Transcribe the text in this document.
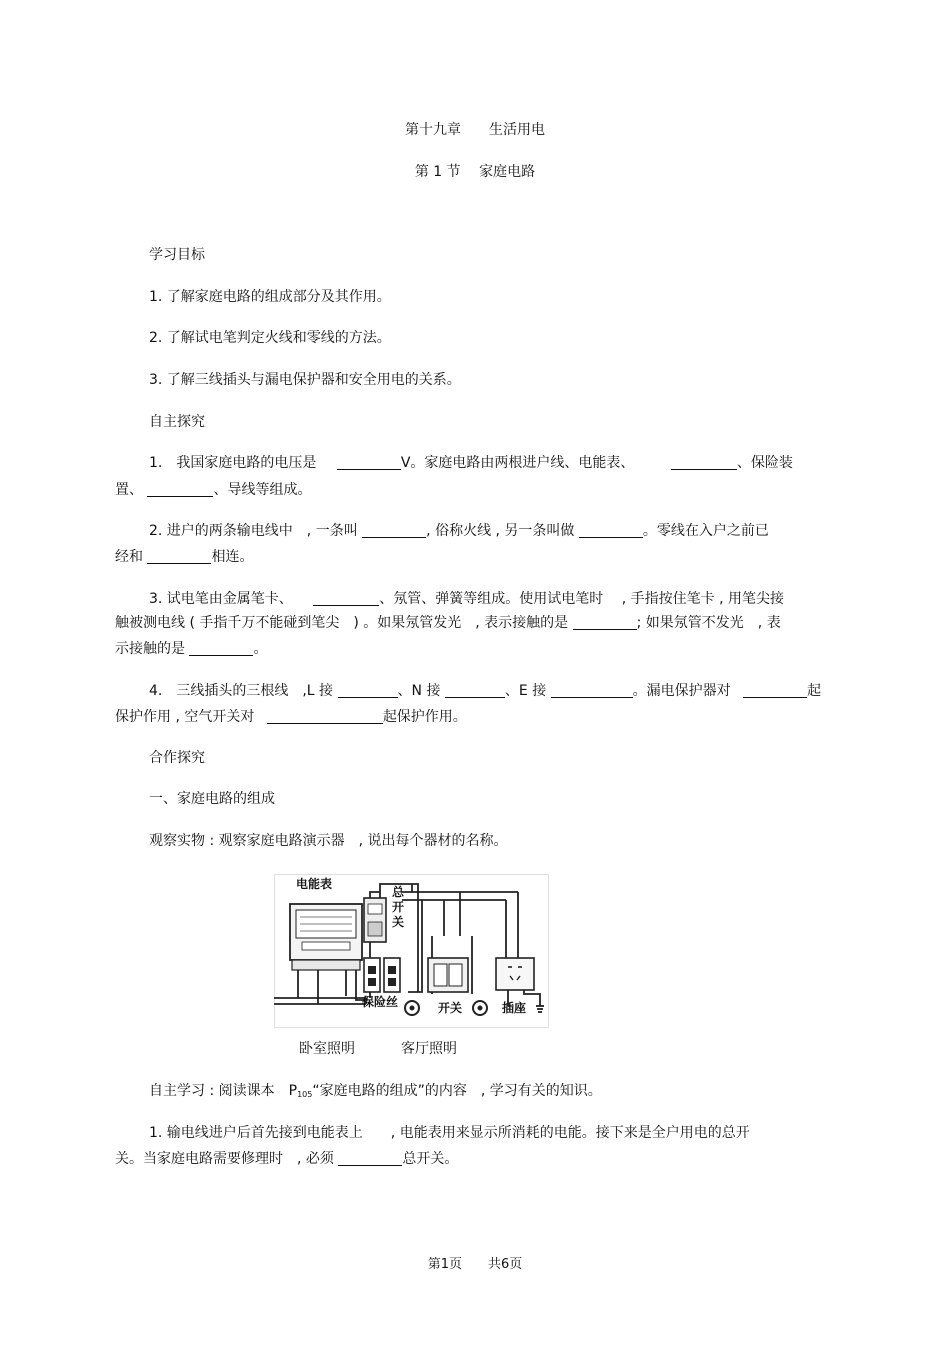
第十九章　　生活用电
第 1 节　 家庭电路
学习目标
1. 了解家庭电路的组成部分及其作用。
2. 了解试电笔判定火线和零线的方法。
3. 了解三线插头与漏电保护器和安全用电的关系。
自主探究
1.　我国家庭电路的电压是	V。家庭电路由两根进户线、电能表、	、保险装
置、	、导线等组成。
2. 进户的两条输电线中　, 一条叫	, 俗称火线 , 另一条叫做	。零线在入户之前已
经和	相连。
3. 试电笔由金属笔卡、	、氖管、弹簧等组成。使用试电笔时　 , 手指按住笔卡 , 用笔尖接
触被测电线 ( 手指千万不能碰到笔尖　) 。如果氖管发光　, 表示接触的是	; 如果氖管不发光　, 表
示接触的是	。
4.　三线插头的三根线　,L 接	、N 接	、E 接	。漏电保护器对	起
保护作用 , 空气开关对	起保护作用。
合作探究
一、家庭电路的组成
观察实物 : 观察家庭电路演示器　, 说出每个器材的名称。
电能表
总
开
关
保险丝	开关	插座
卧室照明	客厅照明
自主学习 : 阅读课本　$P_{105}“$家庭电路的组成”的内容　, 学习有关的知识。
1. 输电线进户后首先接到电能表上　　, 电能表用来显示所消耗的电能。接下来是全户用电的总开
关。当家庭电路需要修理时　, 必须	总开关。
第1页　　共6页
